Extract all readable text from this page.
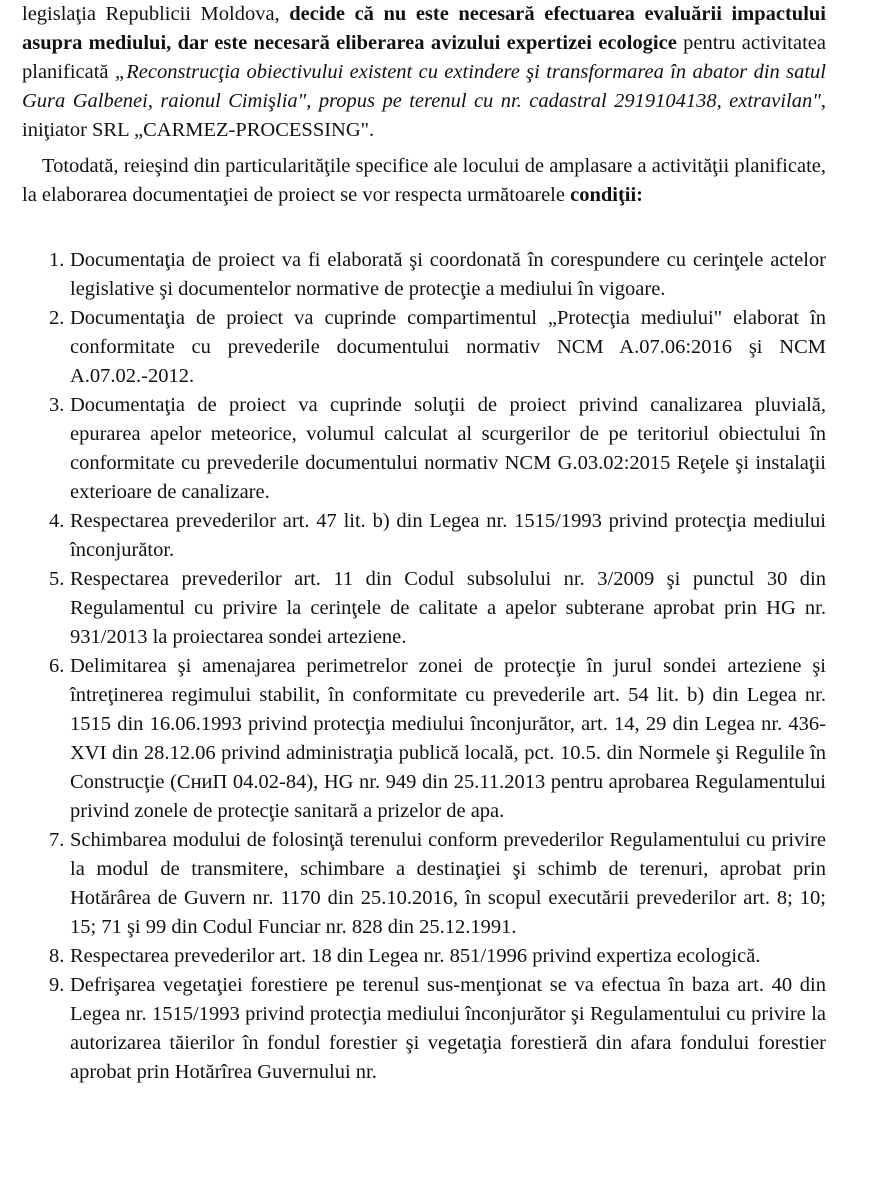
legislaţia Republicii Moldova, decide că nu este necesară efectuarea evaluării impactului asupra mediului, dar este necesară eliberarea avizului expertizei ecologice pentru activitatea planificată „Reconstrucţia obiectivului existent cu extindere şi transformarea în abator din satul Gura Galbenei, raionul Cimişlia", propus pe terenul cu nr. cadastral 2919104138, extravilan", iniţiator SRL „CARMEZ-PROCESSING".

Totodată, reieşind din particularităţile specifice ale locului de amplasare a activităţii planificate, la elaborarea documentaţiei de proiect se vor respecta următoarele condiţii:

1. Documentaţia de proiect va fi elaborată şi coordonată în corespundere cu cerinţele actelor legislative şi documentelor normative de protecţie a mediului în vigoare.
2. Documentaţia de proiect va cuprinde compartimentul „Protecţia mediului" elaborat în conformitate cu prevederile documentului normativ NCM A.07.06:2016 şi NCM A.07.02.-2012.
3. Documentaţia de proiect va cuprinde soluţii de proiect privind canalizarea pluvială, epurarea apelor meteorice, volumul calculat al scurgerilor de pe teritoriul obiectului în conformitate cu prevederile documentului normativ NCM G.03.02:2015 Reţele şi instalaţii exterioare de canalizare.
4. Respectarea prevederilor art. 47 lit. b) din Legea nr. 1515/1993 privind protecţia mediului înconjurător.
5. Respectarea prevederilor art. 11 din Codul subsolului nr. 3/2009 şi punctul 30 din Regulamentul cu privire la cerinţele de calitate a apelor subterane aprobat prin HG nr. 931/2013 la proiectarea sondei arteziene.
6. Delimitarea şi amenajarea perimetrelor zonei de protecţie în jurul sondei arteziene şi întreţinerea regimului stabilit, în conformitate cu prevederile art. 54 lit. b) din Legea nr. 1515 din 16.06.1993 privind protecţia mediului înconjurător, art. 14, 29 din Legea nr. 436-XVI din 28.12.06 privind administraţia publică locală, pct. 10.5. din Normele şi Regulile în Construcţie (СниП 04.02-84), HG nr. 949 din 25.11.2013 pentru aprobarea Regulamentului privind zonele de protecţie sanitară a prizelor de apa.
7. Schimbarea modului de folosinţă terenului conform prevederilor Regulamentului cu privire la modul de transmitere, schimbare a destinaţiei şi schimb de terenuri, aprobat prin Hotărârea de Guvern nr. 1170 din 25.10.2016, în scopul executării prevederilor art. 8; 10; 15; 71 şi 99 din Codul Funciar nr. 828 din 25.12.1991.
8. Respectarea prevederilor art. 18 din Legea nr. 851/1996 privind expertiza ecologică.
9. Defrişarea vegetaţiei forestiere pe terenul sus-menţionat se va efectua în baza art. 40 din Legea nr. 1515/1993 privind protecţia mediului înconjurător şi Regulamentului cu privire la autorizarea tăierilor în fondul forestier şi vegetaţia forestieră din afara fondului forestier aprobat prin Hotărîrea Guvernului nr.
